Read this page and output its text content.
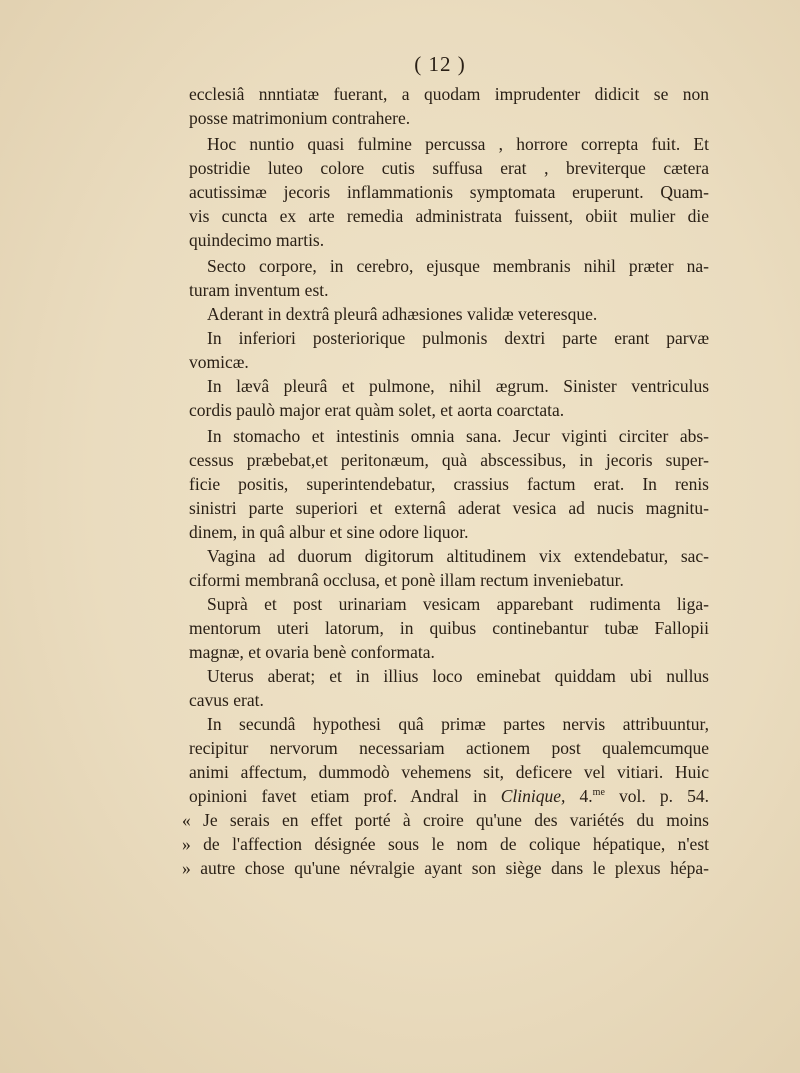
( 12 )

ecclesiâ nnntiatæ fuerant, a quodam imprudenter didicit se non

posse matrimonium contrahere.

Hoc nuntio quasi fulmine percussa , horrore correpta fuit. Et

postridie luteo colore cutis suffusa erat , breviterque cætera

acutissimæ jecoris inflammationis symptomata eruperunt. Quam-

vis cuncta ex arte remedia administrata fuissent, obiit mulier die

quindecimo martis.

Secto corpore, in cerebro, ejusque membranis nihil præter na-

turam inventum est.

Aderant in dextrâ pleurâ adhæsiones validæ veteresque.

In inferiori posteriorique pulmonis dextri parte erant parvæ

vomicæ.

In lævâ pleurâ et pulmone, nihil ægrum. Sinister ventriculus

cordis paulò major erat quàm solet, et aorta coarctata.

In stomacho et intestinis omnia sana. Jecur viginti circiter abs-

cessus præbebat,et peritonæum, quà abscessibus, in jecoris super-

ficie positis, superintendebatur, crassius factum erat. In renis

sinistri parte superiori et externâ aderat vesica ad nucis magnitu-

dinem, in quâ albur et sine odore liquor.

Vagina ad duorum digitorum altitudinem vix extendebatur, sac-

ciformi membranâ occlusa, et ponè illam rectum inveniebatur.

Suprà et post urinariam vesicam apparebant rudimenta liga-

mentorum uteri latorum, in quibus continebantur tubæ Fallopii

magnæ, et ovaria benè conformata.

Uterus aberat; et in illius loco eminebat quiddam ubi nullus

cavus erat.

In secundâ hypothesi quâ primæ partes nervis attribuuntur,

recipitur nervorum necessariam actionem post qualemcumque

animi affectum, dummodò vehemens sit, deficere vel vitiari. Huic

opinioni favet etiam prof. Andral in Clinique, 4.$^{me}$ vol. p. 54.

« Je serais en effet porté à croire qu'une des variétés du moins

» de l'affection désignée sous le nom de colique hépatique, n'est

» autre chose qu'une névralgie ayant son siège dans le plexus hépa-
